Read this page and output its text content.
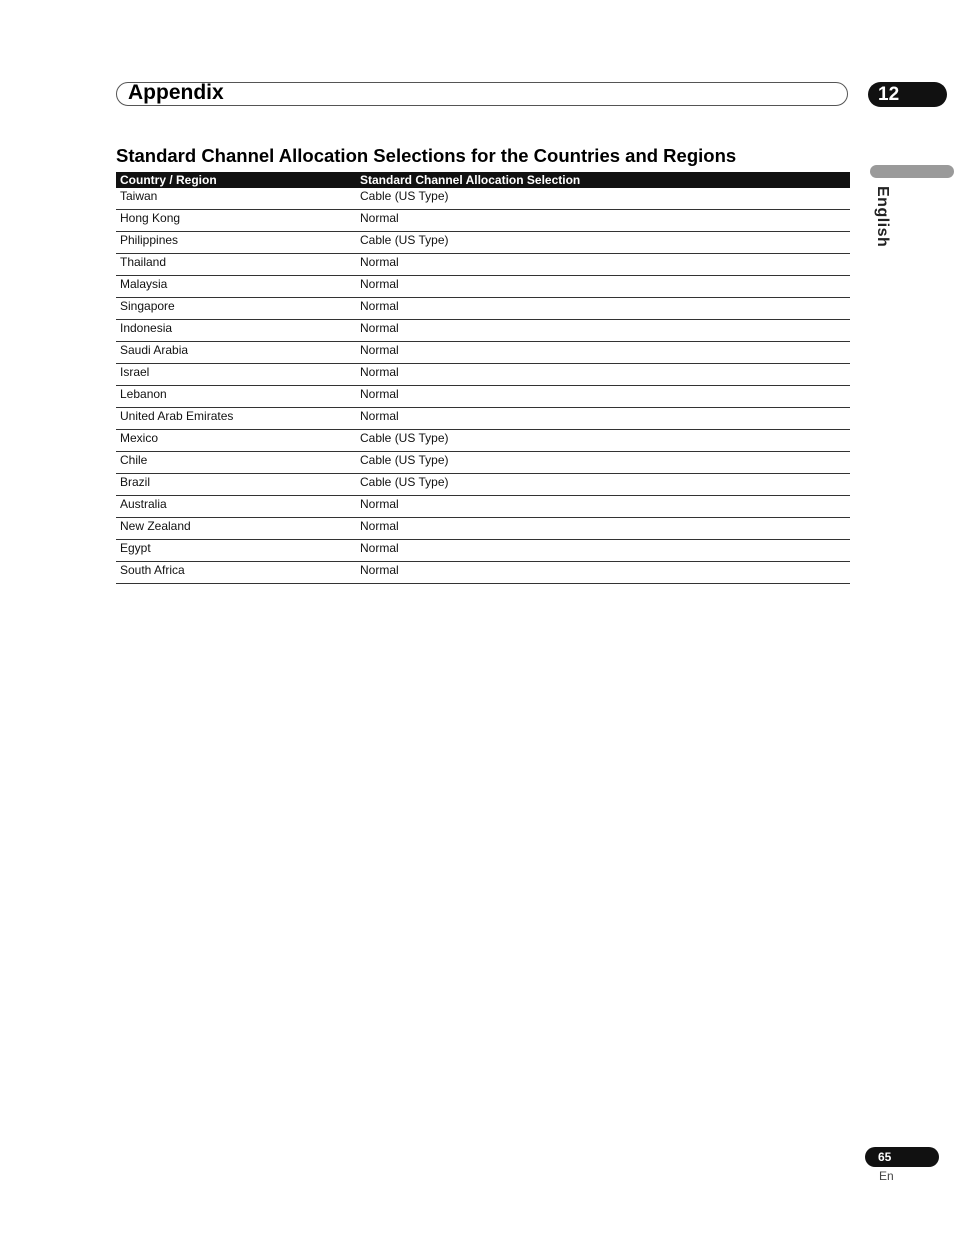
Appendix	12
English
Standard Channel Allocation Selections for the Countries and Regions
Country / Region	Standard Channel Allocation Selection
Taiwan	Cable (US Type)
Hong Kong	Normal
Philippines	Cable (US Type)
Thailand	Normal
Malaysia	Normal
Singapore	Normal
Indonesia	Normal
Saudi Arabia	Normal
Israel	Normal
Lebanon	Normal
United Arab Emirates	Normal
Mexico	Cable (US Type)
Chile	Cable (US Type)
Brazil	Cable (US Type)
Australia	Normal
New Zealand	Normal
Egypt	Normal
South Africa	Normal
65
En
